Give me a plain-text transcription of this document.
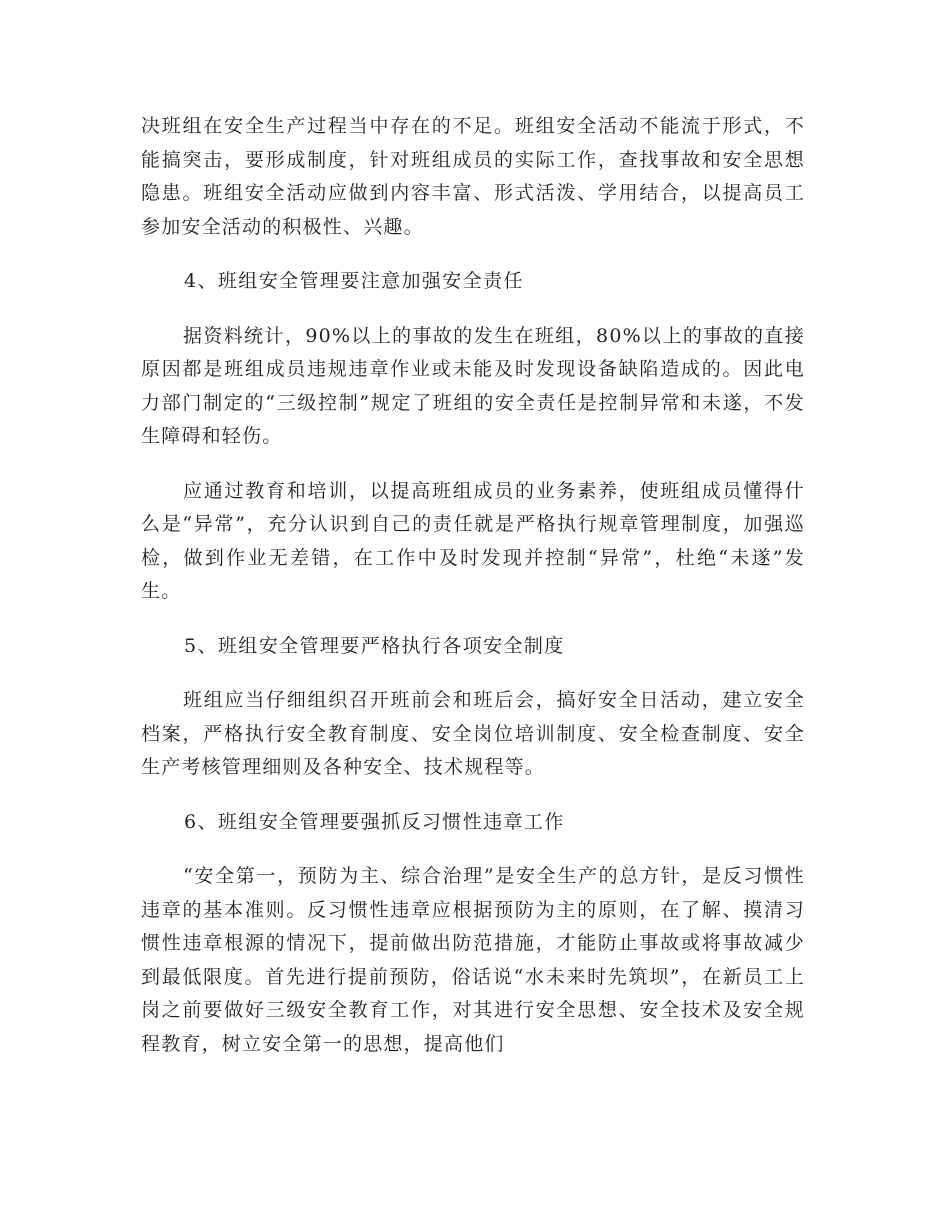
决班组在安全生产过程当中存在的不足。班组安全活动不能流于形式，不能搞突击，要形成制度，针对班组成员的实际工作，查找事故和安全思想隐患。班组安全活动应做到内容丰富、形式活泼、学用结合，以提高员工参加安全活动的积极性、兴趣。

4、班组安全管理要注意加强安全责任

据资料统计，90%以上的事故的发生在班组，80%以上的事故的直接原因都是班组成员违规违章作业或未能及时发现设备缺陷造成的。因此电力部门制定的“三级控制”规定了班组的安全责任是控制异常和未遂，不发生障碍和轻伤。

应通过教育和培训，以提高班组成员的业务素养，使班组成员懂得什么是“异常”，充分认识到自己的责任就是严格执行规章管理制度，加强巡检，做到作业无差错，在工作中及时发现并控制“异常”，杜绝“未遂”发生。

5、班组安全管理要严格执行各项安全制度

班组应当仔细组织召开班前会和班后会，搞好安全日活动，建立安全档案，严格执行安全教育制度、安全岗位培训制度、安全检查制度、安全生产考核管理细则及各种安全、技术规程等。

6、班组安全管理要强抓反习惯性违章工作

“安全第一，预防为主、综合治理”是安全生产的总方针，是反习惯性违章的基本准则。反习惯性违章应根据预防为主的原则，在了解、摸清习惯性违章根源的情况下，提前做出防范措施，才能防止事故或将事故减少到最低限度。首先进行提前预防，俗话说“水未来时先筑坝”，在新员工上岗之前要做好三级安全教育工作，对其进行安全思想、安全技术及安全规程教育，树立安全第一的思想，提高他们
